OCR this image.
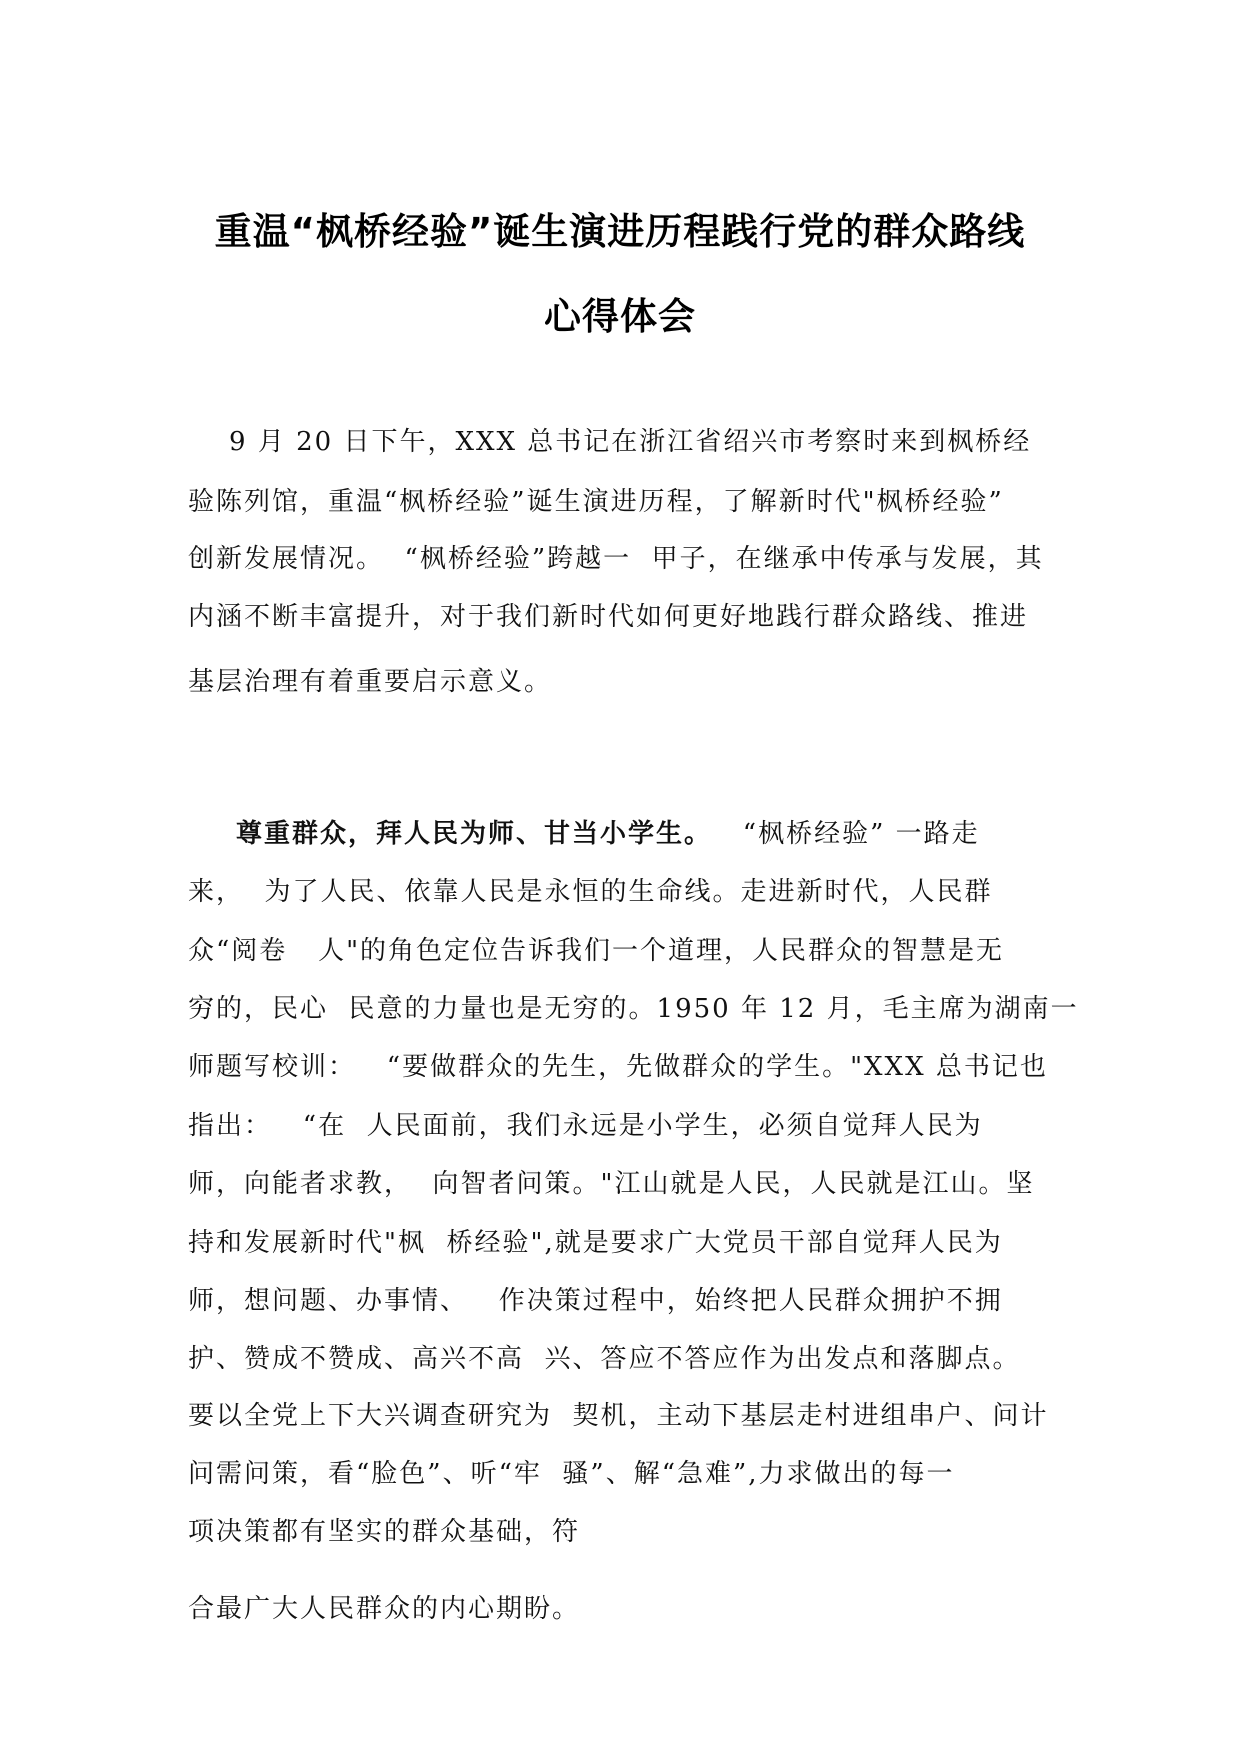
重温“枫桥经验”诞生演进历程践行党的群众路线
心得体会
9 月 20 日下午，XXX 总书记在浙江省绍兴市考察时来到枫桥经
验陈列馆，重温“枫桥经验”诞生演进历程，了解新时代"枫桥经验”
创新发展情况。  “枫桥经验”跨越一  甲子，在继承中传承与发展，其
内涵不断丰富提升，对于我们新时代如何更好地践行群众路线、推进
基层治理有着重要启示意义。
尊重群众，拜人民为师、甘当小学生。   “枫桥经验” 一路走
来，  为了人民、依靠人民是永恒的生命线。走进新时代，人民群
众“阅卷   人"的角色定位告诉我们一个道理，人民群众的智慧是无
穷的，民心  民意的力量也是无穷的。1950 年 12 月，毛主席为湖南一
师题写校训：   “要做群众的先生，先做群众的学生。"XXX 总书记也
指出：   “在  人民面前，我们永远是小学生，必须自觉拜人民为
师，向能者求教，  向智者问策。"江山就是人民，人民就是江山。坚
持和发展新时代"枫  桥经验",就是要求广大党员干部自觉拜人民为
师，想问题、办事情、   作决策过程中，始终把人民群众拥护不拥
护、赞成不赞成、高兴不高  兴、答应不答应作为出发点和落脚点。
要以全党上下大兴调查研究为  契机，主动下基层走村进组串户、问计
问需问策，看“脸色”、听“牢  骚”、解“急难”,力求做出的每一
项决策都有坚实的群众基础，符
合最广大人民群众的内心期盼。
